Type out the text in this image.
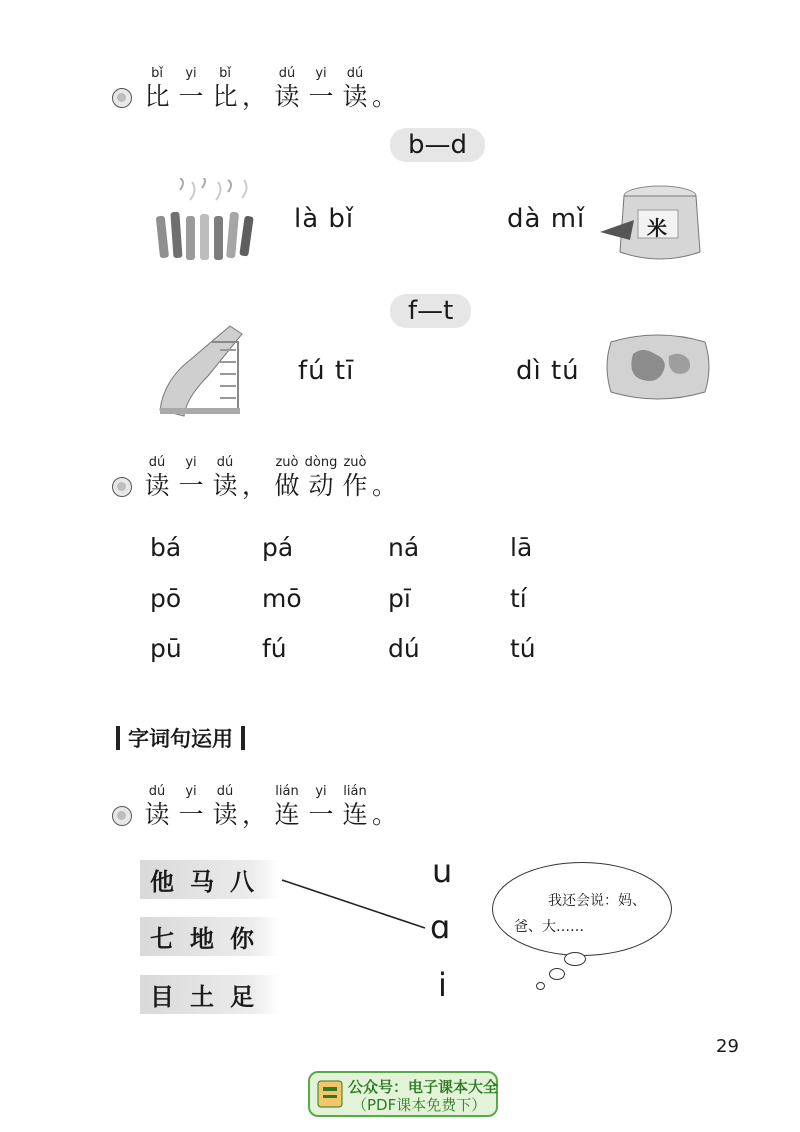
bǐ
比
yi
一
bǐ
比 ，
dú
读
yi
一
dú
读 。
b—d
là bǐ	dà mǐ	米
f—t
fú tī	dì tú
dú
读
yi
一
dú
读 ，
zuò
做
dòng
动
zuò
作 。
bá	pá	ná	lā
pō	mō	pī	tí
pū	fú	dú	tú
字词句运用
dú
读
yi
一
dú
读 ，
lián
连
yi
一
lián
连 。
他马八
七地你
目土足
u
ɑ
i
我还会说：妈、
爸、大……
29
公众号：电子课本大全
（PDF课本免费下）
